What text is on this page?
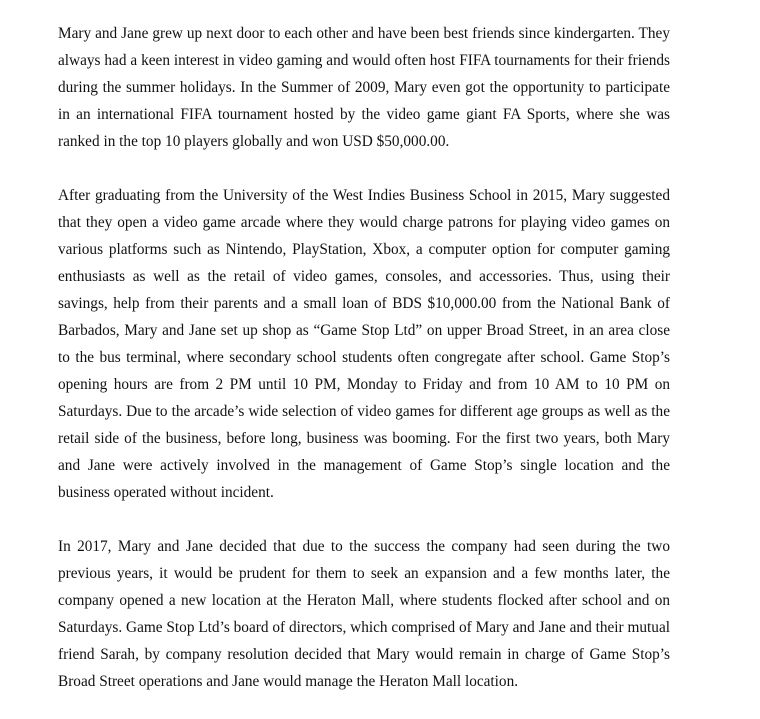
Mary and Jane grew up next door to each other and have been best friends since kindergarten. They always had a keen interest in video gaming and would often host FIFA tournaments for their friends during the summer holidays. In the Summer of 2009, Mary even got the opportunity to participate in an international FIFA tournament hosted by the video game giant FA Sports, where she was ranked in the top 10 players globally and won USD $50,000.00.

After graduating from the University of the West Indies Business School in 2015, Mary suggested that they open a video game arcade where they would charge patrons for playing video games on various platforms such as Nintendo, PlayStation, Xbox, a computer option for computer gaming enthusiasts as well as the retail of video games, consoles, and accessories. Thus, using their savings, help from their parents and a small loan of BDS $10,000.00 from the National Bank of Barbados, Mary and Jane set up shop as “Game Stop Ltd” on upper Broad Street, in an area close to the bus terminal, where secondary school students often congregate after school. Game Stop’s opening hours are from 2 PM until 10 PM, Monday to Friday and from 10 AM to 10 PM on Saturdays. Due to the arcade’s wide selection of video games for different age groups as well as the retail side of the business, before long, business was booming. For the first two years, both Mary and Jane were actively involved in the management of Game Stop’s single location and the business operated without incident.

In 2017, Mary and Jane decided that due to the success the company had seen during the two previous years, it would be prudent for them to seek an expansion and a few months later, the company opened a new location at the Heraton Mall, where students flocked after school and on Saturdays. Game Stop Ltd’s board of directors, which comprised of Mary and Jane and their mutual friend Sarah, by company resolution decided that Mary would remain in charge of Game Stop’s Broad Street operations and Jane would manage the Heraton Mall location.
